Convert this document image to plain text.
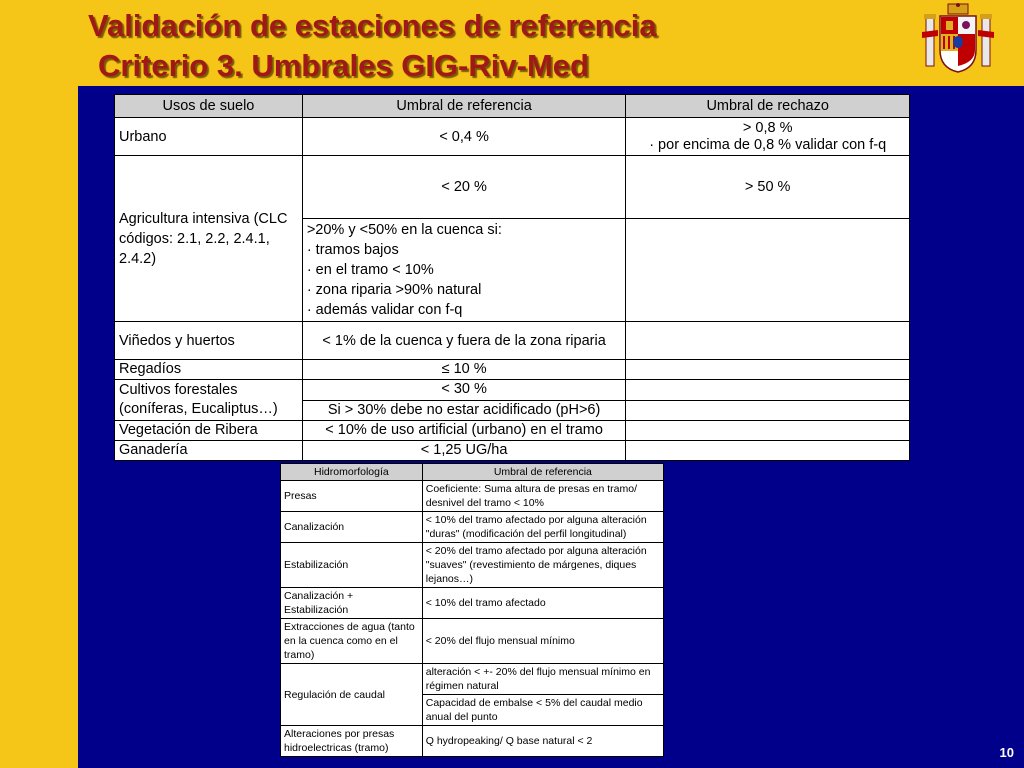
Validación de estaciones de referencia
Criterio 3. Umbrales GIG-Riv-Med
10
Usos de suelo	Umbral de referencia	Umbral de rechazo
Urbano	< 0,4 %	> 0,8 %
· por encima de 0,8 % validar con f-q

Agricultura intensiva (CLC códigos: 2.1, 2.2, 2.4.1, 2.4.2)	< 20 %	> 50 %

	>20% y <50% en la cuenca si:
· tramos bajos
· en el tramo < 10%
· zona riparia >90% natural
· además validar con f-q	

Viñedos y huertos	< 1% de la cuenca y fuera de la zona riparia	
Regadíos	≤ 10 %	
Cultivos forestales (coníferas, Eucaliptus…)	< 30 %	
	Si > 30% debe no estar acidificado (pH>6)	
Vegetación de Ribera	< 10% de uso artificial (urbano) en el tramo	
Ganadería	< 1,25 UG/ha	
Hidromorfología	Umbral de referencia
Presas	Coeficiente: Suma altura de presas en tramo/ desnivel del tramo < 10%
Canalización	< 10% del tramo afectado por alguna alteración "duras" (modificación del perfil longitudinal)
Estabilización	< 20% del tramo afectado por alguna alteración "suaves" (revestimiento de márgenes, diques lejanos…)
Canalización + Estabilización	< 10% del tramo afectado
Extracciones de agua (tanto en la cuenca como en el tramo)	< 20% del flujo mensual mínimo
Regulación de caudal	alteración < +- 20% del flujo mensual mínimo en régimen natural
	Capacidad de embalse < 5% del caudal medio anual del punto
Alteraciones por presas hidroelectricas (tramo)	Q hydropeaking/ Q base natural < 2
